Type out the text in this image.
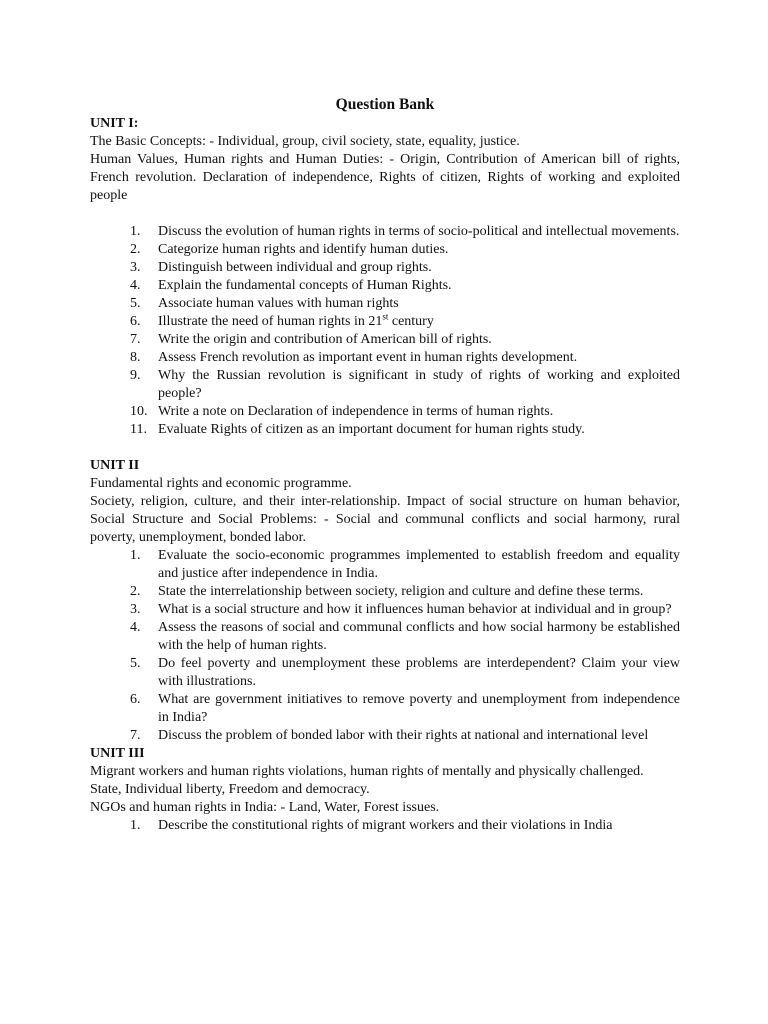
Question Bank
UNIT I:

The Basic Concepts: - Individual, group, civil society, state, equality, justice.

Human Values, Human rights and Human Duties: - Origin, Contribution of American bill of rights, French revolution. Declaration of independence, Rights of citizen, Rights of working and exploited people

1.	Discuss the evolution of human rights in terms of socio-political and intellectual movements.
2.	Categorize human rights and identify human duties.
3.	Distinguish between individual and group rights.
4.	Explain the fundamental concepts of Human Rights.
5.	Associate human values with human rights
6.	Illustrate the need of human rights in 21st century
7.	Write the origin and contribution of American bill of rights.
8.	Assess French revolution as important event in human rights development.
9.	Why the Russian revolution is significant in study of rights of working and exploited people?
10. Write a note on Declaration of independence in terms of human rights.
11. Evaluate Rights of citizen as an important document for human rights study.
UNIT II

Fundamental rights and economic programme.

Society, religion, culture, and their inter-relationship. Impact of social structure on human behavior, Social Structure and Social Problems: - Social and communal conflicts and social harmony, rural poverty, unemployment, bonded labor.

1.	Evaluate the socio-economic programmes implemented to establish freedom and equality and justice after independence in India.
2.	State the interrelationship between society, religion and culture and define these terms.
3.	What is a social structure and how it influences human behavior at individual and in group?
4.	Assess the reasons of social and communal conflicts and how social harmony be established with the help of human rights.
5.	Do feel poverty and unemployment these problems are interdependent? Claim your view with illustrations.
6.	What are government initiatives to remove poverty and unemployment from independence in India?
7.	Discuss the problem of bonded labor with their rights at national and international level
UNIT III

Migrant workers and human rights violations, human rights of mentally and physically challenged.

State, Individual liberty, Freedom and democracy.

NGOs and human rights in India: - Land, Water, Forest issues.

1.	Describe the constitutional rights of migrant workers and their violations in India
